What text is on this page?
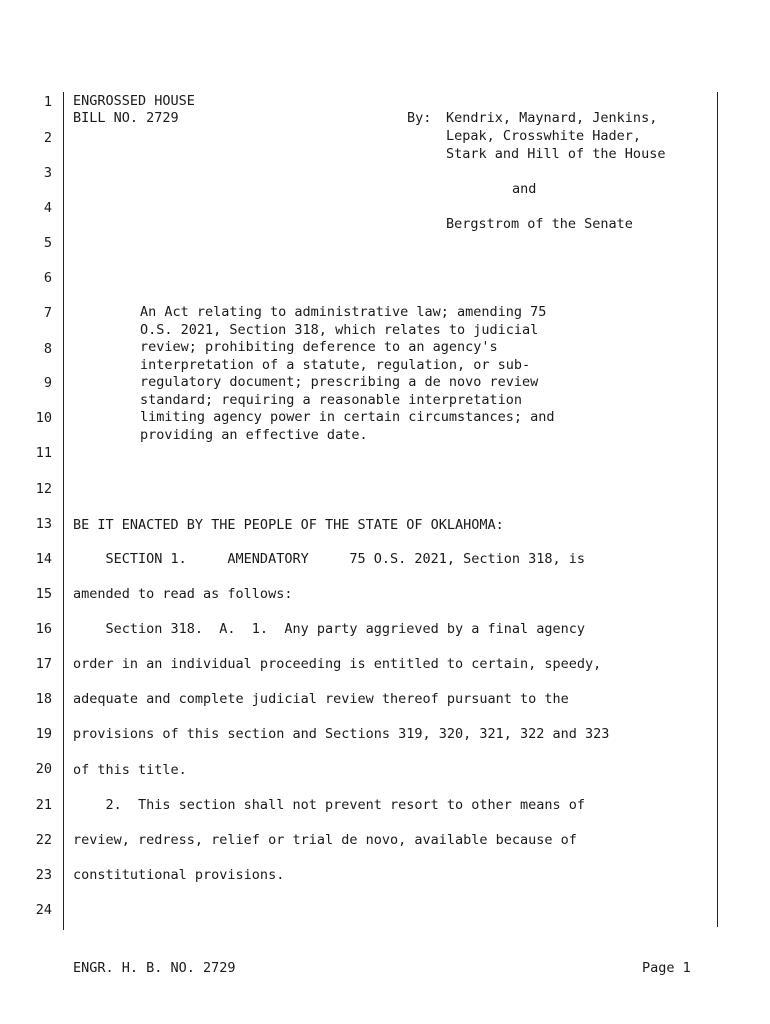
1
2
3
4
5
6
7
8
9
10
11
12
13
14
15
16
17
18
19
20
21
22
23
24
ENGROSSED HOUSE
BILL NO. 2729	By: Kendrix, Maynard, Jenkins,
Lepak, Crosswhite Hader,
Stark and Hill of the House
and
Bergstrom of the Senate
An Act relating to administrative law; amending 75
O.S. 2021, Section 318, which relates to judicial
review; prohibiting deference to an agency's
interpretation of a statute, regulation, or sub-
regulatory document; prescribing a de novo review
standard; requiring a reasonable interpretation
limiting agency power in certain circumstances; and
providing an effective date.
BE IT ENACTED BY THE PEOPLE OF THE STATE OF OKLAHOMA:
SECTION 1.     AMENDATORY     75 O.S. 2021, Section 318, is
amended to read as follows:
Section 318.  A.  1.  Any party aggrieved by a final agency
order in an individual proceeding is entitled to certain, speedy,
adequate and complete judicial review thereof pursuant to the
provisions of this section and Sections 319, 320, 321, 322 and 323
of this title.
2.  This section shall not prevent resort to other means of
review, redress, relief or trial de novo, available because of
constitutional provisions.
ENGR. H. B. NO. 2729	Page 1
